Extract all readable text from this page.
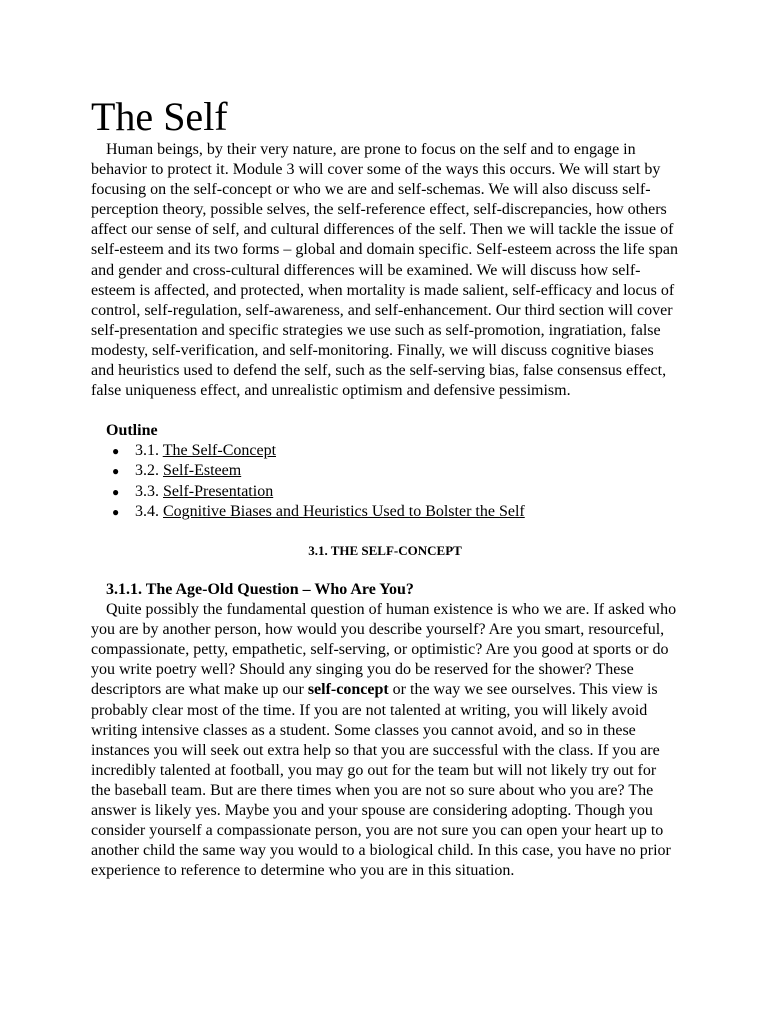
The Self

Human beings, by their very nature, are prone to focus on the self and to engage in behavior to protect it. Module 3 will cover some of the ways this occurs. We will start by focusing on the self-concept or who we are and self-schemas. We will also discuss self-perception theory, possible selves, the self-reference effect, self-discrepancies, how others affect our sense of self, and cultural differences of the self. Then we will tackle the issue of self-esteem and its two forms – global and domain specific. Self-esteem across the life span and gender and cross-cultural differences will be examined. We will discuss how self-esteem is affected, and protected, when mortality is made salient, self-efficacy and locus of control, self-regulation, self-awareness, and self-enhancement. Our third section will cover self-presentation and specific strategies we use such as self-promotion, ingratiation, false modesty, self-verification, and self-monitoring. Finally, we will discuss cognitive biases and heuristics used to defend the self, such as the self-serving bias, false consensus effect, false uniqueness effect, and unrealistic optimism and defensive pessimism.

Outline
● 3.1. The Self-Concept
● 3.2. Self-Esteem
● 3.3. Self-Presentation
● 3.4. Cognitive Biases and Heuristics Used to Bolster the Self
3.1. THE SELF-CONCEPT
3.1.1. The Age-Old Question – Who Are You?

Quite possibly the fundamental question of human existence is who we are. If asked who you are by another person, how would you describe yourself? Are you smart, resourceful, compassionate, petty, empathetic, self-serving, or optimistic? Are you good at sports or do you write poetry well? Should any singing you do be reserved for the shower? These descriptors are what make up our self-concept or the way we see ourselves. This view is probably clear most of the time. If you are not talented at writing, you will likely avoid writing intensive classes as a student. Some classes you cannot avoid, and so in these instances you will seek out extra help so that you are successful with the class. If you are incredibly talented at football, you may go out for the team but will not likely try out for the baseball team. But are there times when you are not so sure about who you are? The answer is likely yes. Maybe you and your spouse are considering adopting. Though you consider yourself a compassionate person, you are not sure you can open your heart up to another child the same way you would to a biological child. In this case, you have no prior experience to reference to determine who you are in this situation.
